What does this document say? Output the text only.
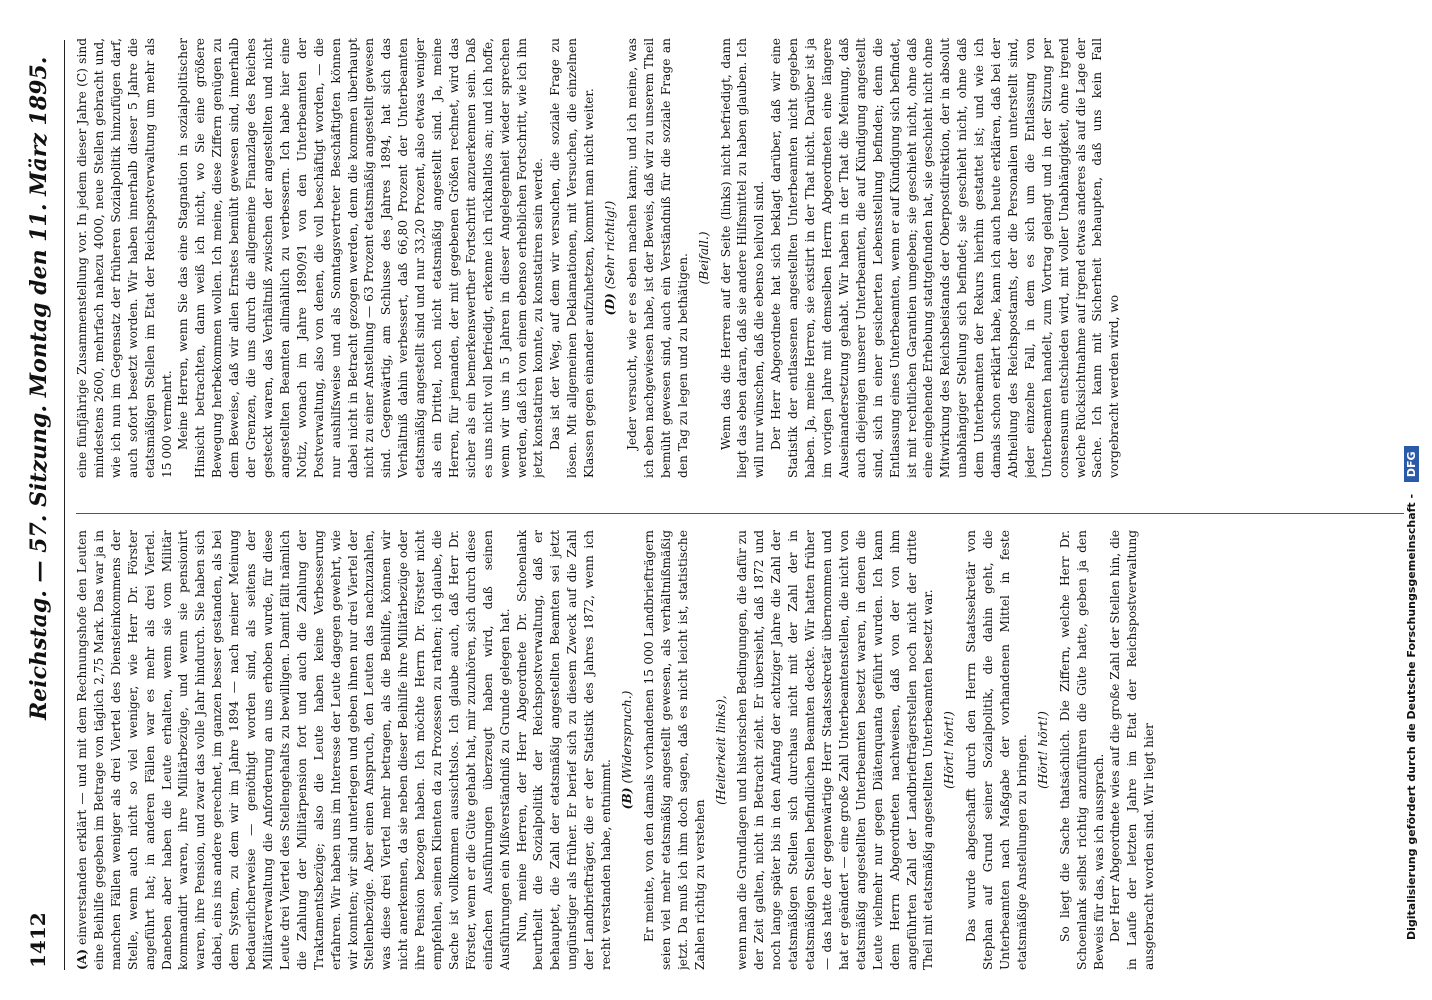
1412
Reichstag. — 57. Sitzung. Montag den 11. März 1895.

(A)einverstanden erklärt — und mit dem Rechnungshofe den Leuten eine Beihilfe gegeben im Betrage von täglich 2,75 Mark. Das war ja in manchen Fällen weniger als drei Viertel des Diensteinkommens der Stelle, wenn auch nicht so viel weniger, wie Herr Dr. Förster angeführt hat; in anderen Fällen war es mehr als drei Viertel. Daneben aber haben die Leute erhalten, wenn sie vom Militär kommandirt waren, ihre Militärbezüge, und wenn sie pensionirt waren, ihre Pension, und zwar das volle Jahr hindurch. Sie haben sich dabei, eins ins andere gerechnet, im ganzen besser gestanden, als bei dem System, zu dem wir im Jahre 1894 — nach meiner Meinung bedauerlicherweise — genöthigt worden sind, als seitens der Militärverwaltung die Anforderung an uns erhoben wurde, für diese Leute drei Viertel des Stellengehalts zu bewilligen. Damit fällt nämlich die Zahlung der Militärpension fort und auch die Zahlung der Traktamentsbezüge; also die Leute haben keine Verbesserung erfahren. Wir haben uns im Interesse der Leute dagegen gewehrt, wie wir konnten; wir sind unterlegen und geben ihnen nur drei Viertel der Stellenbezüge. Aber einen Anspruch, den Leuten das nachzuzahlen, was diese drei Viertel mehr betragen, als die Beihilfe, können wir nicht anerkennen, da sie neben dieser Beihilfe ihre Militärbezüge oder ihre Pension bezogen haben. Ich möchte Herrn Dr. Förster nicht empfehlen, seinen Klienten da zu Prozessen zu rathen; ich glaube, die Sache ist vollkommen aussichtslos. Ich glaube auch, daß Herr Dr. Förster, wenn er die Güte gehabt hat, mir zuzuhören, sich durch diese einfachen Ausführungen überzeugt haben wird, daß seinen Ausführungen ein Mißverständniß zu Grunde gelegen hat. Nun, meine Herren, der Herr Abgeordnete Dr. Schoenlank beurtheilt die Sozialpolitik der Reichspostverwaltung, daß er behauptet, die Zahl der etatsmäßig angestellten Beamten sei jetzt ungünstiger als früher. Er berief sich zu diesem Zweck auf die Zahl der Landbriefträger, die er der Statistik des Jahres 1872, wenn ich recht verstanden habe, entnimmt. (B)(Widerspruch.) Er meinte, von den damals vorhandenen 15 000 Landbriefträgern seien viel mehr etatsmäßig angestellt gewesen, als verhältnißmäßig jetzt. Da muß ich ihm doch sagen, daß es nicht leicht ist, statistische Zahlen richtig zu verstehen

(Heiterkeit links), wenn man die Grundlagen und historischen Bedingungen, die dafür zu der Zeit galten, nicht in Betracht zieht. Er übersieht, daß 1872 und noch lange später bis in den Anfang der achtziger Jahre die Zahl der etatsmäßigen Stellen sich durchaus nicht mit der Zahl der in etatsmäßigen Stellen befindlichen Beamten deckte. Wir hatten früher — das hatte der gegenwärtige Herr Staatssekretär übernommen und hat er geändert — eine große Zahl Unterbeamtenstellen, die nicht von etatsmäßig angestellten Unterbeamten besetzt waren, in denen die Leute vielmehr nur gegen Diätenquanta geführt wurden. Ich kann dem Herrn Abgeordneten nachweisen, daß von der von ihm angeführten Zahl der Landbriefträgerstellen noch nicht der dritte Theil mit etatsmäßig angestellten Unterbeamten besetzt war. (Hört! hört!) Das wurde abgeschafft durch den Herrn Staatssekretär von Stephan auf Grund seiner Sozialpolitik, die dahin geht, die Unterbeamten nach Maßgabe der vorhandenen Mittel in feste etatsmäßige Anstellungen zu bringen. (Hört! hört!) So liegt die Sache thatsächlich. Die Ziffern, welche Herr Dr. Schoenlank selbst richtig anzuführen die Güte hatte, geben ja den Beweis für das, was ich aussprach. Der Herr Abgeordnete wies auf die große Zahl der Stellen hin, die in Laufe der letzten Jahre im Etat der Reichspostverwaltung ausgebracht worden sind. Wir liegt hier

eine fünfjährige Zusammenstellung vor. In jedem dieser Jahre (C) sind mindestens 2600, mehrfach nahezu 4000, neue Stellen gebracht und, wie ich nun im Gegensatz der früheren Sozialpolitik hinzufügen darf, auch sofort besetzt worden. Wir haben innerhalb dieser 5 Jahre die etatsmäßigen Stellen im Etat der Reichspostverwaltung um mehr als 15 000 vermehrt. Meine Herren, wenn Sie das eine Stagnation in sozialpolitischer Hinsicht betrachten, dann weiß ich nicht, wo Sie eine größere Bewegung herbekommen wollen. Ich meine, diese Ziffern genügen zu dem Beweise, daß wir allen Ernstes bemüht gewesen sind, innerhalb der Grenzen, die uns durch die allgemeine Finanzlage des Reiches gesteckt waren, das Verhältniß zwischen der angestellten und nicht angestellten Beamten allmählich zu verbessern. Ich habe hier eine Notiz, wonach im Jahre 1890/91 von den Unterbeamten der Postverwaltung, also von denen, die voll beschäftigt worden, — die nur aushilfsweise und als Sonntagsvertreter Beschäftigten können dabei nicht in Betracht gezogen werden, denn die kommen überhaupt nicht zu einer Anstellung — 63 Prozent etatsmäßig angestellt gewesen sind. Gegenwärtig, am Schlusse des Jahres 1894, hat sich das Verhältniß dahin verbessert, daß 66,80 Prozent der Unterbeamten etatsmäßig angestellt sind und nur 33,20 Prozent, also etwas weniger als ein Drittel, noch nicht etatsmäßig angestellt sind. Ja, meine Herren, für jemanden, der mit gegebenen Größen rechnet, wird das sicher als ein bemerkenswerther Fortschritt anzuerkennen sein. Daß es uns nicht voll befriedigt, erkenne ich rückhaltlos an; und ich hoffe, wenn wir uns in 5 Jahren in dieser Angelegenheit wieder sprechen werden, daß ich von einem ebenso erheblichen Fortschritt, wie ich ihn jetzt konstatiren konnte, zu konstatiren sein werde. Das ist der Weg, auf dem wir versuchen, die soziale Frage zu lösen. Mit allgemeinen Deklamationen, mit Versuchen, die einzelnen Klassen gegen einander aufzuhetzen, kommt man nicht weiter. (D)(Sehr richtig!) Jeder versucht, wie er es eben machen kann; und ich meine, was ich eben nachgewiesen habe, ist der Beweis, daß wir zu unserem Theil bemüht gewesen sind, auch ein Verständniß für die soziale Frage an den Tag zu legen und zu bethätigen. (Beifall.) Wenn das die Herren auf der Seite (links) nicht befriedigt, dann liegt das eben daran, daß sie andere Hilfsmittel zu haben glauben. Ich will nur wünschen, daß die ebenso heilvoll sind. Der Herr Abgeordnete hat sich beklagt darüber, daß wir eine Statistik der entlassenen angestellten Unterbeamten nicht gegeben haben. Ja, meine Herren, sie existirt in der That nicht. Darüber ist ja im vorigen Jahre mit demselben Herrn Abgeordneten eine längere Auseinandersetzung gehabt. Wir haben in der That die Meinung, daß auch diejenigen unserer Unterbeamten, die auf Kündigung angestellt sind, sich in einer gesicherten Lebensstellung befinden; denn die Entlassung eines Unterbeamten, wenn er auf Kündigung sich befindet, ist mit rechtlichen Garantien umgeben; sie geschieht nicht, ohne daß eine eingehende Erhebung stattgefunden hat, sie geschieht nicht ohne Mitwirkung des Reichsbeistands der Oberpostdirektion, der in absolut unabhängiger Stellung sich befindet; sie geschieht nicht, ohne daß dem Unterbeamten der Rekurs hierhin gestattet ist; und wie ich damals schon erklärt habe, kann ich auch heute erklären, daß bei der Abtheilung des Reichspostamts, der die Personalien unterstellt sind, jeder einzelne Fall, in dem es sich um die Entlassung von Unterbeamten handelt, zum Vortrag gelangt und in der Sitzung per consensum entschieden wird, mit voller Unabhängigkeit, ohne irgend welche Rücksichtnahme auf irgend etwas anderes als auf die Lage der Sache. Ich kann mit Sicherheit behaupten, daß uns kein Fall vorgebracht werden wird, wo

Digitalisierung gefördert durch die Deutsche Forschungsgemeinschaft - DFG
